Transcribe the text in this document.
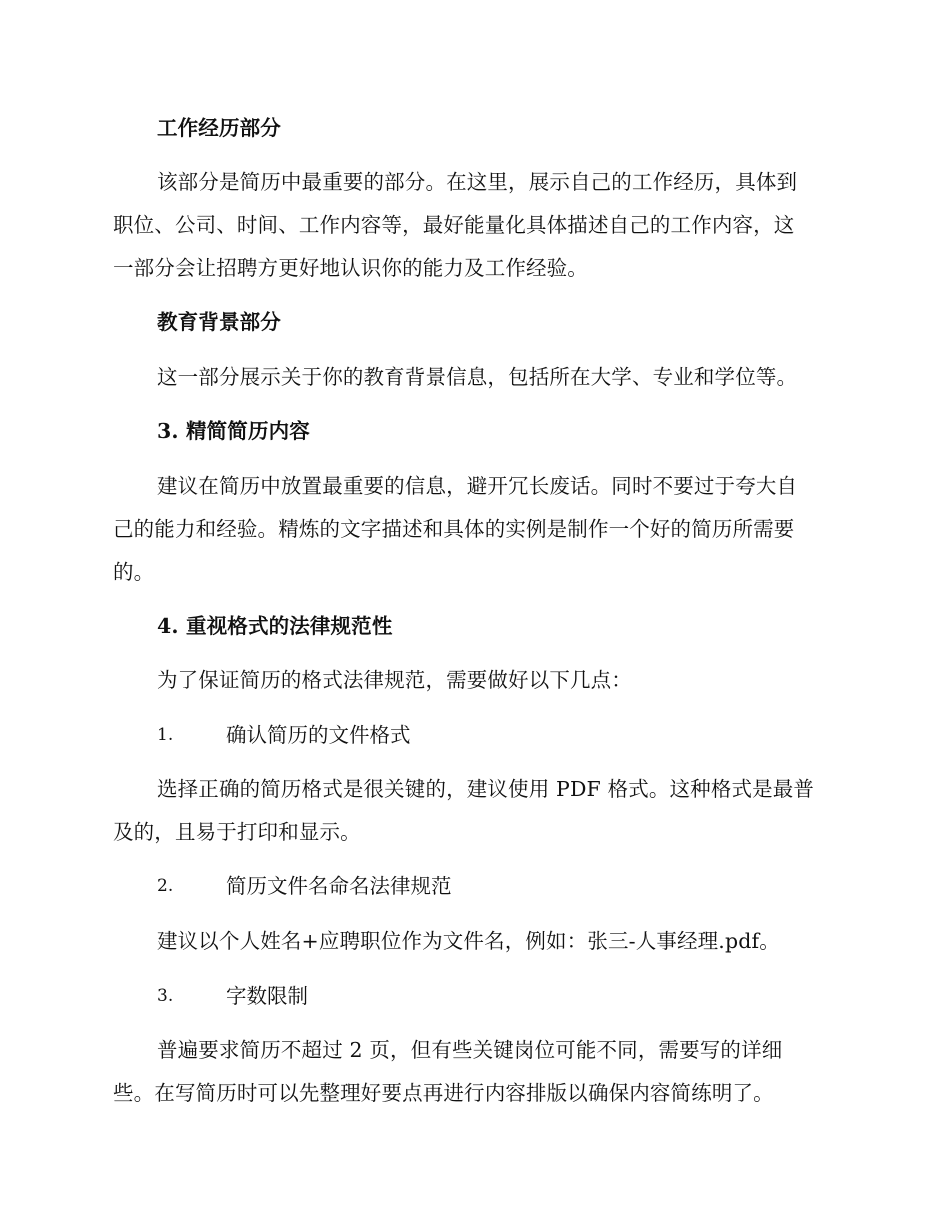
工作经历部分
该部分是简历中最重要的部分。在这里，展示自己的工作经历，具体到
职位、公司、时间、工作内容等，最好能量化具体描述自己的工作内容，这
一部分会让招聘方更好地认识你的能力及工作经验。
教育背景部分
这一部分展示关于你的教育背景信息，包括所在大学、专业和学位等。
3. 精简简历内容
建议在简历中放置最重要的信息，避开冗长废话。同时不要过于夸大自
己的能力和经验。精炼的文字描述和具体的实例是制作一个好的简历所需要
的。
4. 重视格式的法律规范性
为了保证简历的格式法律规范，需要做好以下几点：
1.	确认简历的文件格式
选择正确的简历格式是很关键的，建议使用 PDF 格式。这种格式是最普
及的，且易于打印和显示。
2.	简历文件名命名法律规范
建议以个人姓名+应聘职位作为文件名，例如：张三-人事经理.pdf。
3.	字数限制
普遍要求简历不超过 2 页，但有些关键岗位可能不同，需要写的详细
些。在写简历时可以先整理好要点再进行内容排版以确保内容简练明了。
